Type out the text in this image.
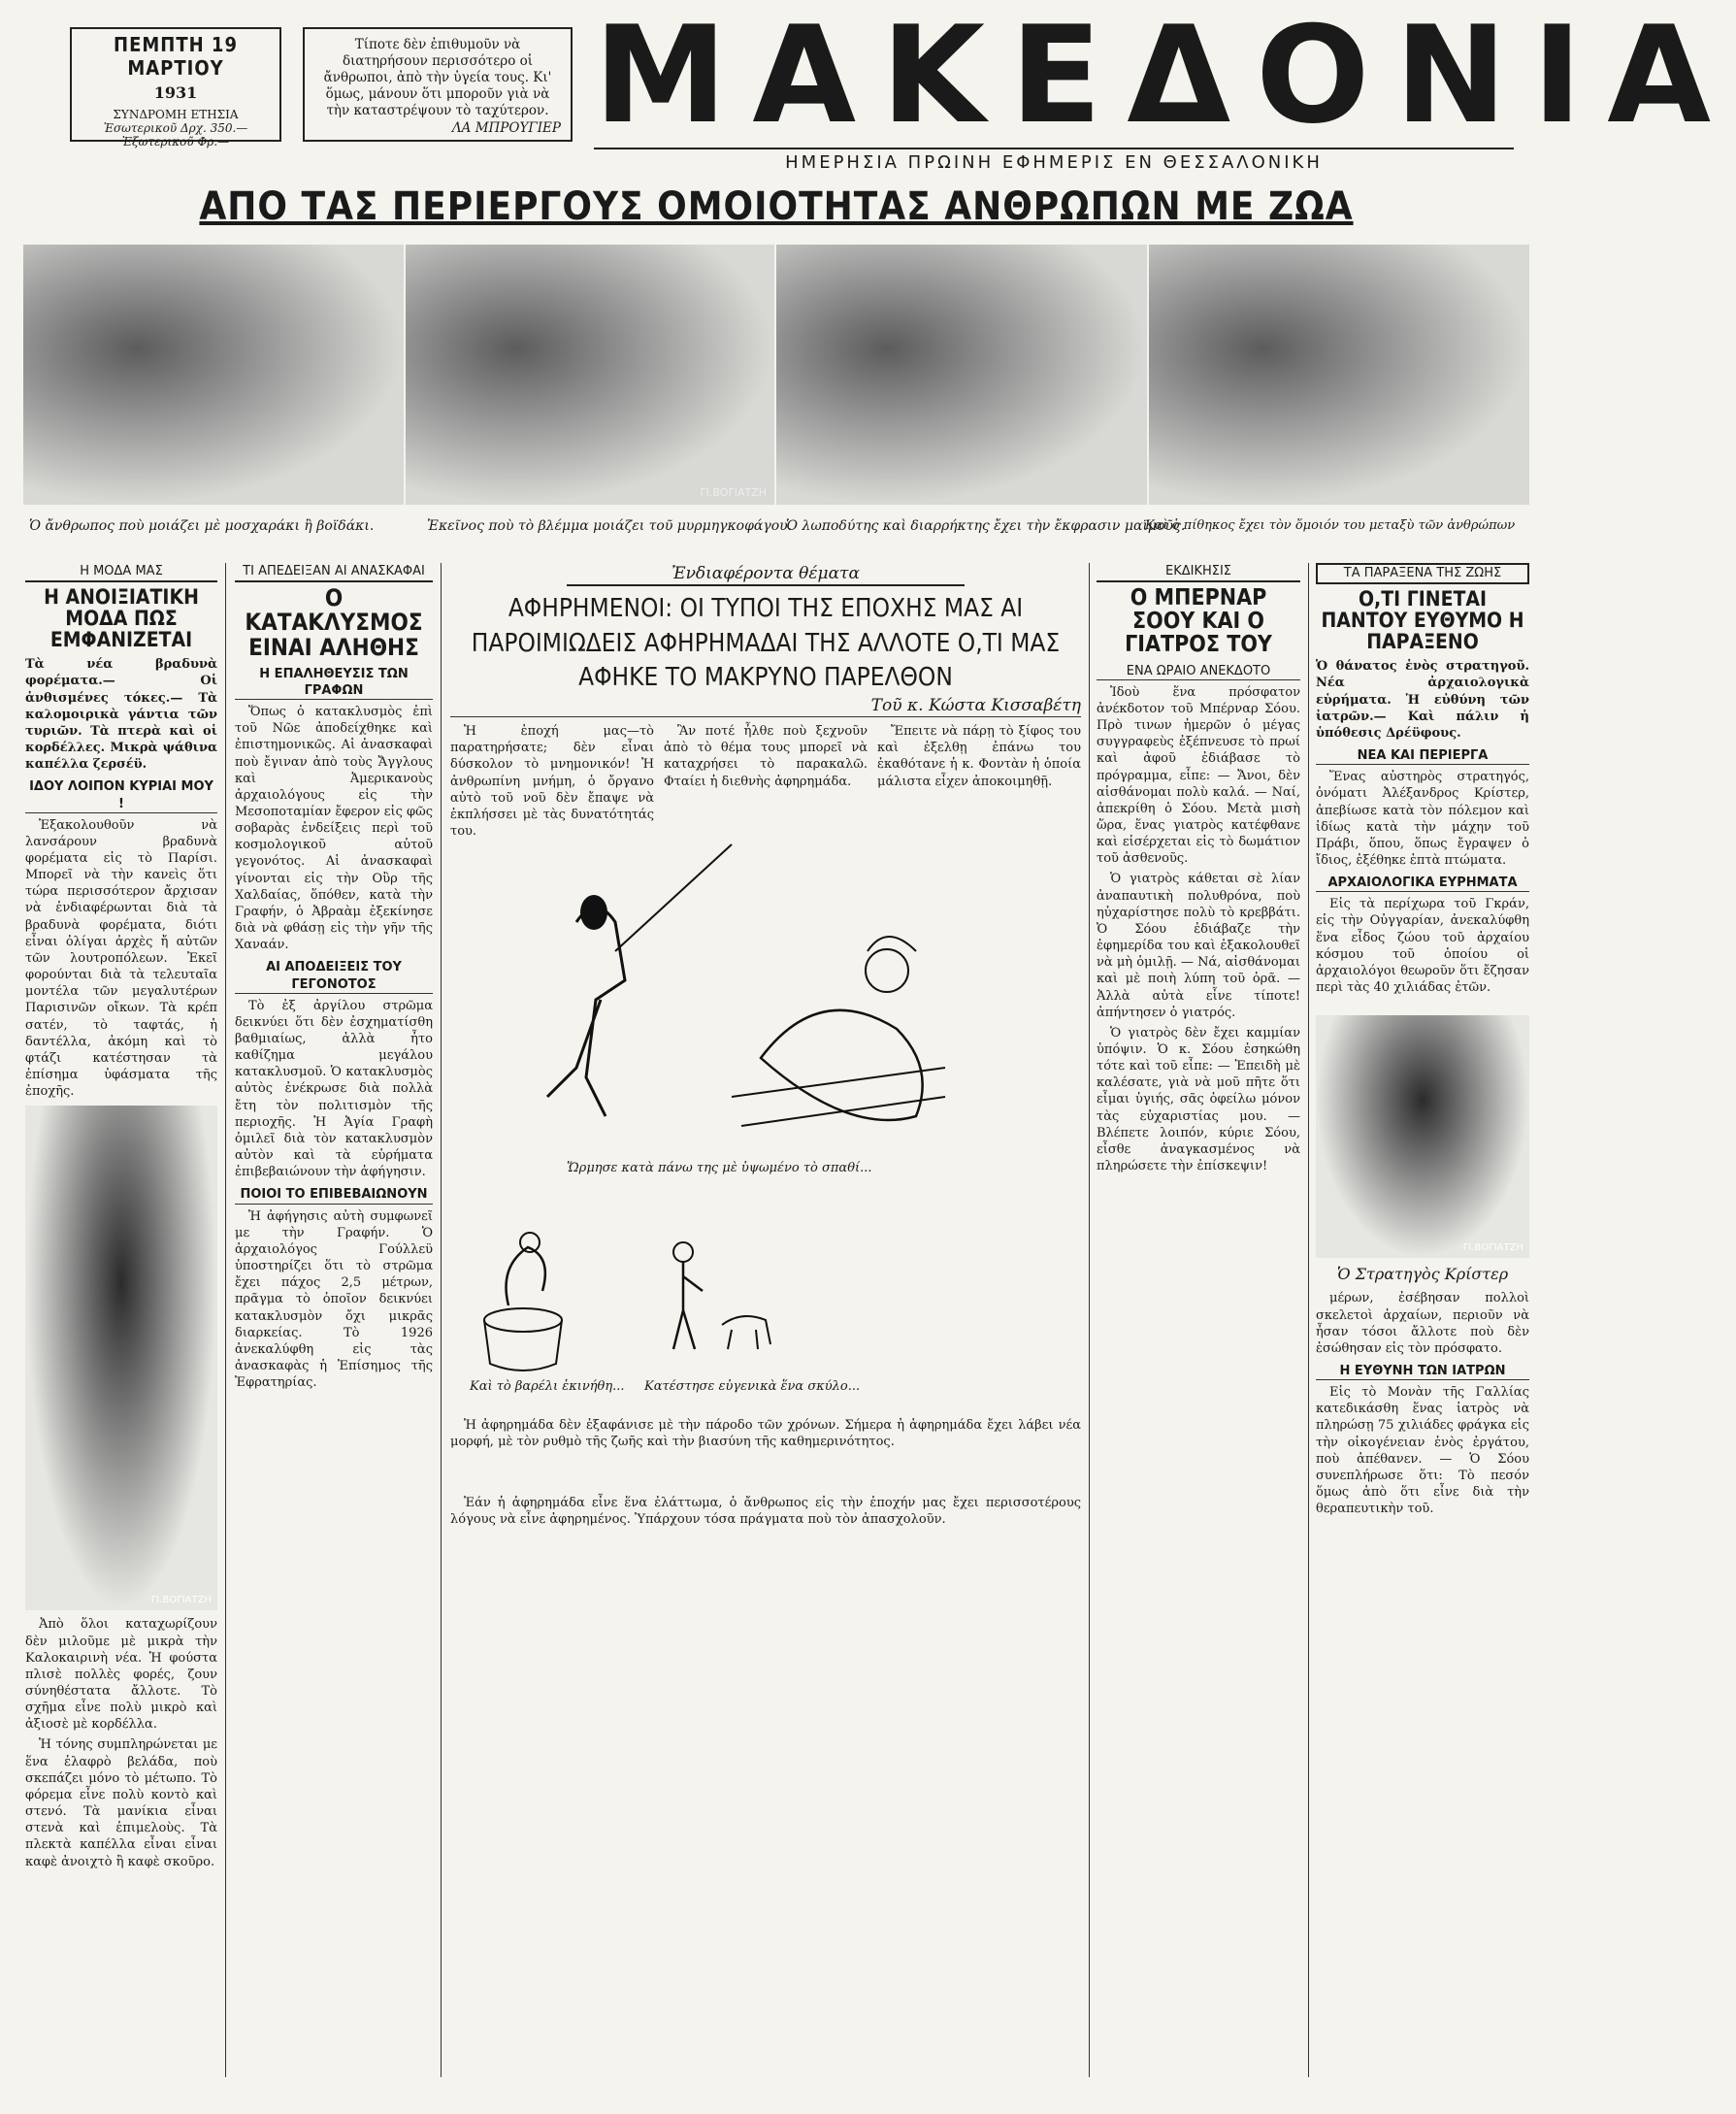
ΠΕΜΠΤΗ 19 ΜΑΡΤΙΟΥ
1931
ΣΥΝΔΡΟΜΗ ΕΤΗΣΙΑ
Ἐσωτερικοῦ Δρχ. 350.— Ἐξωτερικοῦ Φρ.—
Τίποτε δὲν ἐπιθυμοῦν νὰ διατηρήσουν περισσότερο οἱ ἄνθρωποι, ἀπὸ τὴν ὑγεία τους. Κι' ὅμως, μάνουν ὅτι μποροῦν γιὰ νὰ τὴν καταστρέψουν τὸ ταχύτερον.
ΛΑ ΜΠΡΟΥΓΙΕΡ ΜΑΚΕΔΟΝΙΑ
ΗΜΕΡΗΣΙΑ ΠΡΩΙΝΗ ΕΦΗΜΕΡΙΣ ΕΝ ΘΕΣΣΑΛΟΝΙΚΗ
ΑΠΟ ΤΑΣ ΠΕΡΙΕΡΓΟΥΣ ΟΜΟΙΟΤΗΤΑΣ ΑΝΘΡΩΠΩΝ ΜΕ ΖΩΑ
ΓΙ.ΒΟΓΙΑΤΖΗ
Ὁ ἄνθρωπος ποὺ μοιάζει μὲ μοσχαράκι ἢ βοϊδάκι.	Ἐκεῖνος ποὺ τὸ βλέμμα μοιάζει τοῦ μυρμηγκοφάγου.
Ὁ λωποδύτης καὶ διαρρήκτης ἔχει τὴν ἔκφρασιν μαϊμοῦς.
Καὶ ὁ πίθηκος ἔχει τὸν ὅμοιόν του μεταξὺ τῶν ἀνθρώπων
Η ΜΟΔΑ ΜΑΣ
Η ΑΝΟΙΞΙΑΤΙΚΗ ΜΟΔΑ ΠΩΣ ΕΜΦΑΝΙΖΕΤΑΙ

Τὰ νέα βραδυνὰ φορέματα.— Οἱ ἀνθισμένες τόκες.— Τὰ καλομοιρικὰ γάντια τῶν τυριῶν. Τὰ πτερὰ καὶ οἱ κορδέλλες. Μικρὰ ψάθινα καπέλλα ζερσέϋ.

ΙΔΟΥ ΛΟΙΠΟΝ ΚΥΡΙΑΙ ΜΟΥ !

Ἐξακολουθοῦν νὰ λανσάρουν βραδυνὰ φορέματα εἰς τὸ Παρίσι. Μπορεῖ νὰ τὴν κανεὶς ὅτι τώρα περισσότερον ἄρχισαν νὰ ἐνδιαφέρωνται διὰ τὰ βραδυνὰ φορέματα, διότι εἶναι ὀλίγαι ἀρχὲς ἤ αὐτῶν τῶν λουτροπόλεων. Ἐκεῖ φορούνται διὰ τὰ τελευταῖα μοντέλα τῶν μεγαλυτέρων Παρισινῶν οἴκων. Τὰ κρέπ σατέν, τὸ ταφτάς, ἡ δαντέλλα, ἀκόμη καὶ τὸ φτάζι κατέστησαν τὰ ἐπίσημα ὑφάσματα τῆς ἐποχῆς.

ΓΙ.ΒΟΓΙΑΤΖΗ

Ἀπὸ ὅλοι καταχωρίζουν δὲν μιλοῦμε μὲ μικρὰ τὴν Καλοκαιρινὴ νέα. Ἡ φούστα πλισὲ πολλὲς φορές, ζουν σύνηθέστατα ἄλλοτε. Τὸ σχῆμα εἶνε πολὺ μικρὸ καὶ ἀξιοσὲ μὲ κορδέλλα.

Ἡ τόνης συμπληρώνεται με ἕνα ἐλαφρὸ βελάδα, ποὺ σκεπάζει μόνο τὸ μέτωπο. Τὸ φόρεμα εἶνε πολὺ κοντὸ καὶ στενό. Τὰ μανίκια εἶναι στενὰ καὶ ἐπιμελοὺς. Τὰ πλεκτὰ καπέλλα εἶναι εἶναι καφὲ ἀνοιχτὸ ἢ καφὲ σκοῦρο.

ΤΙ ΑΠΕΔΕΙΞΑΝ ΑΙ ΑΝΑΣΚΑΦΑΙ
Ο ΚΑΤΑΚΛΥΣΜΟΣ ΕΙΝΑΙ ΑΛΗΘΗΣ
Η ΕΠΑΛΗΘΕΥΣΙΣ ΤΩΝ ΓΡΑΦΩΝ

Ὅπως ὁ κατακλυσμὸς ἐπὶ τοῦ Νῶε ἀποδείχθηκε καὶ ἐπιστημονικῶς. Αἱ ἀνασκαφαὶ ποὺ ἔγιναν ἀπὸ τοὺς Ἄγγλους καὶ Ἀμερικανοὺς ἀρχαιολόγους εἰς τὴν Μεσοποταμίαν ἔφερον εἰς φῶς σοβαρὰς ἐνδείξεις περὶ τοῦ κοσμολογικοῦ αὐτοῦ γεγονότος. Αἱ ἀνασκαφαὶ γίνονται εἰς τὴν Οὒρ τῆς Χαλδαίας, ὅπόθεν, κατὰ τὴν Γραφήν, ὁ Ἀβραὰμ ἐξεκίνησε διὰ νὰ φθάσῃ εἰς τὴν γῆν τῆς Χαναάν.

ΑΙ ΑΠΟΔΕΙΞΕΙΣ ΤΟΥ ΓΕΓΟΝΟΤΟΣ

Τὸ ἐξ ἀργίλου στρῶμα δεικνύει ὅτι δὲν ἐσχηματίσθη βαθμιαίως, ἀλλὰ ἦτο καθίζημα μεγάλου κατακλυσμοῦ. Ὁ κατακλυσμὸς αὐτὸς ἐνέκρωσε διὰ πολλὰ ἔτη τὸν πολιτισμὸν τῆς περιοχῆς. Ἡ Ἀγία Γραφὴ ὁμιλεῖ διὰ τὸν κατακλυσμὸν αὐτὸν καὶ τὰ εὑρήματα ἐπιβεβαιώνουν τὴν ἀφήγησιν.

ΠΟΙΟΙ ΤΟ ΕΠΙΒΕΒΑΙΩΝΟΥΝ

Ἡ ἀφήγησις αὐτὴ συμφωνεῖ με τὴν Γραφήν. Ὁ ἀρχαιολόγος Γούλλεϋ ὑποστηρίζει ὅτι τὸ στρῶμα ἔχει πάχος 2,5 μέτρων, πρᾶγμα τὸ ὁποῖον δεικνύει κατακλυσμὸν ὄχι μικρᾶς διαρκείας. Τὸ 1926 ἀνεκαλύφθη εἰς τὰς ἀνασκαφὰς ἡ Ἐπίσημος τῆς Ἐφρατηρίας.

Ἐνδιαφέροντα θέματα
ΑΦΗΡΗΜΕΝΟΙ: ΟΙ ΤΥΠΟΙ ΤΗΣ ΕΠΟΧΗΣ ΜΑΣ ΑΙ ΠΑΡΟΙΜΙΩΔΕΙΣ ΑΦΗΡΗΜΑΔΑΙ ΤΗΣ ΑΛΛΟΤΕ Ο,ΤΙ ΜΑΣ ΑΦΗΚΕ ΤΟ ΜΑΚΡΥΝΟ ΠΑΡΕΛΘΟΝ
Τοῦ κ. Κώστα Κισσαβέτη

Ἡ ἐποχή μας—τὸ παρατηρήσατε; δὲν εἶναι δύσκολον τὸ μνημονικόν! Ἡ ἀνθρωπίνη μνήμη, ὁ ὄργανο αὐτὸ τοῦ νοῦ δὲν ἔπαψε νὰ ἐκπλήσσει μὲ τὰς δυνατότητάς του.

Ἂν ποτέ ἦλθε ποὺ ξεχνοῦν ἀπὸ τὸ θέμα τους μπορεῖ νὰ καταχρήσει τὸ παρακαλῶ. Φταίει ἡ διεθνὴς ἀφηρημάδα.

Ἔπειτε νὰ πάρῃ τὸ ξίφος του καὶ ἐξελθῃ ἐπάνω του ἐκαθότανε ἡ κ. Φοντὰν ἡ ὁποία μάλιστα εἶχεν ἀποκοιμηθῇ.

Ὥρμησε κατὰ πάνω της μὲ ὑψωμένο τὸ σπαθί...
Καὶ τὸ βαρέλι ἐκινήθη... Κατέστησε εὐγενικὰ ἕνα σκύλο...

Ἡ ἀφηρημάδα δὲν ἐξαφάνισε μὲ τὴν πάροδο τῶν χρόνων. Σήμερα ἡ ἀφηρημάδα ἔχει λάβει νέα μορφή, μὲ τὸν ρυθμὸ τῆς ζωῆς καὶ τὴν βιασύνη τῆς καθημερινότητος.

Ἐάν ἡ ἀφηρημάδα εἶνε ἕνα ἐλάττωμα, ὁ ἄνθρωπος εἰς τὴν ἐποχήν μας ἔχει περισσοτέρους λόγους νὰ εἶνε ἀφηρημένος. Ὑπάρχουν τόσα πράγματα ποὺ τὸν ἀπασχολοῦν.

ΕΚΔΙΚΗΣΙΣ
Ο ΜΠΕΡΝΑΡ ΣΟΟΥ ΚΑΙ Ο ΓΙΑΤΡΟΣ ΤΟΥ
ΕΝΑ ΩΡΑΙΟ ΑΝΕΚΔΟΤΟ

Ἰδοὺ ἕνα πρόσφατον ἀνέκδοτον τοῦ Μπέρναρ Σόου. Πρὸ τινων ἡμερῶν ὁ μέγας συγγραφεὺς ἐξέπνευσε τὸ πρωί καὶ ἀφοῦ ἐδιάβασε τὸ πρόγραμμα, εἶπε: — Ἄνοι, δὲν αἰσθάνομαι πολὺ καλά. — Ναί, ἀπεκρίθη ὁ Σόου. Μετὰ μισὴ ὥρα, ἕνας γιατρὸς κατέφθανε καὶ εἰσέρχεται εἰς τὸ δωμάτιον τοῦ ἀσθενοῦς.

Ὁ γιατρὸς κάθεται σὲ λίαν ἀναπαυτικὴ πολυθρόνα, ποὺ ηὐχαρίστησε πολὺ τὸ κρεββάτι. Ὁ Σόου ἐδιάβαζε τὴν ἐφημερίδα του καὶ ἐξακολουθεῖ νὰ μὴ ὁμιλῇ. — Νά, αἰσθάνομαι καὶ μὲ ποιὴ λύπη τοῦ ὁρᾶ. — Ἀλλὰ αὐτὰ εἶνε τίποτε! ἀπήντησεν ὁ γιατρός.

Ὁ γιατρὸς δὲν ἔχει καμμίαν ὑπόψιν. Ὁ κ. Σόου ἐσηκώθη τότε καὶ τοῦ εἶπε: — Ἐπειδὴ μὲ καλέσατε, γιὰ νὰ μοῦ πῆτε ὅτι εἶμαι ὑγιής, σᾶς ὀφείλω μόνον τὰς εὐχαριστίας μου. — Βλέπετε λοιπόν, κύριε Σόου, εἶσθε ἀναγκασμένος νὰ πληρώσετε τὴν ἐπίσκεψιν!

ΤΑ ΠΑΡΑΞΕΝΑ ΤΗΣ ΖΩΗΣ
Ο,ΤΙ ΓΙΝΕΤΑΙ ΠΑΝΤΟΥ ΕΥΘΥΜΟ Η ΠΑΡΑΞΕΝΟ

Ὁ θάνατος ἑνὸς στρατηγοῦ. Νέα ἀρχαιολογικὰ εὑρήματα. Ἡ εὐθύνη τῶν ἰατρῶν.— Καὶ πάλιν ἡ ὑπόθεσις Δρέϋφους.

ΝΕΑ ΚΑΙ ΠΕΡΙΕΡΓΑ

Ἕνας αὐστηρὸς στρατηγός, ὀνόματι Ἀλέξανδρος Κρίστερ, ἀπεβίωσε κατὰ τὸν πόλεμον καὶ ἰδίως κατὰ τὴν μάχην τοῦ Πράβι, ὅπου, ὅπως ἔγραψεν ὁ ἴδιος, ἐξέθηκε ἑπτὰ πτώματα.

ΑΡΧΑΙΟΛΟΓΙΚΑ ΕΥΡΗΜΑΤΑ

Εἰς τὰ περίχωρα τοῦ Γκράν, εἰς τὴν Οὐγγαρίαν, ἀνεκαλύφθη ἕνα εἶδος ζώου τοῦ ἀρχαίου κόσμου τοῦ ὁποίου οἱ ἀρχαιολόγοι θεωροῦν ὅτι ἔζησαν περὶ τὰς 40 χιλιάδας ἐτῶν.

ΓΙ.ΒΟΓΙΑΤΖΗ
Ὁ Στρατηγὸς Κρίστερ

μέρων, ἐσέβησαν πολλοὶ σκελετοὶ ἀρχαίων, περιοῦν νὰ ἦσαν τόσοι ἄλλοτε ποὺ δὲν ἐσώθησαν εἰς τὸν πρόσφατο.

Η ΕΥΘΥΝΗ ΤΩΝ ΙΑΤΡΩΝ

Εἰς τὸ Μονὰν τῆς Γαλλίας κατεδικάσθη ἕνας ἰατρὸς νὰ πληρώσῃ 75 χιλιάδες φράγκα εἰς τὴν οἰκογένειαν ἑνὸς ἐργάτου, ποὺ ἀπέθανεν. — Ὁ Σόου συνεπλήρωσε ὅτι: Τὸ πεσόν ὅμως ἀπὸ ὅτι εἶνε διὰ τὴν θεραπευτικὴν τοῦ.
